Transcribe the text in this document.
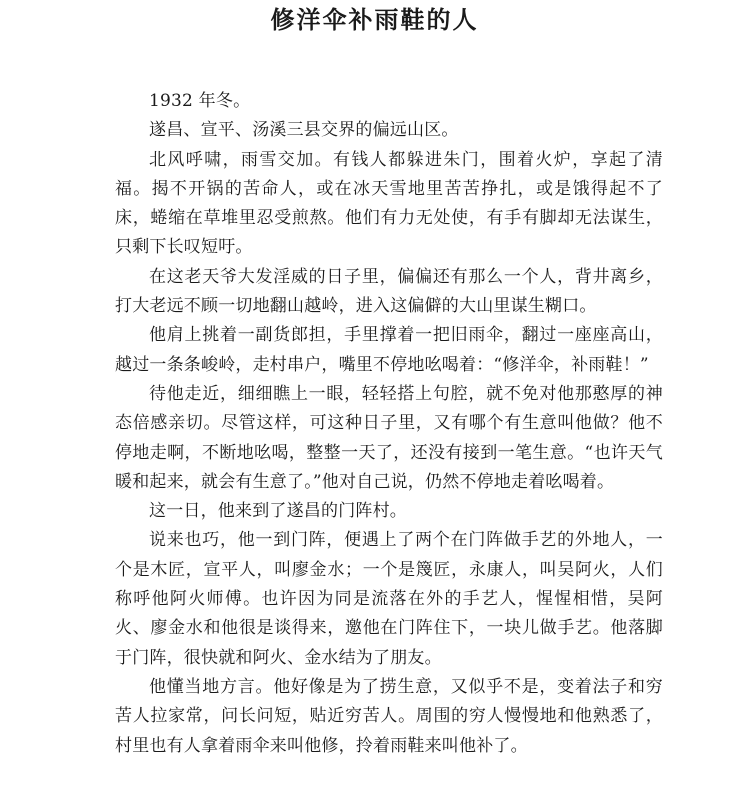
修洋伞补雨鞋的人

1932 年冬。

遂昌、宣平、汤溪三县交界的偏远山区。

北风呼啸，雨雪交加。有钱人都躲进朱门，围着火炉，享起了清福。揭不开锅的苦命人，或在冰天雪地里苦苦挣扎，或是饿得起不了床，蜷缩在草堆里忍受煎熬。他们有力无处使，有手有脚却无法谋生，只剩下长叹短吁。

在这老天爷大发淫威的日子里，偏偏还有那么一个人，背井离乡，打大老远不顾一切地翻山越岭，进入这偏僻的大山里谋生糊口。

他肩上挑着一副货郎担，手里撑着一把旧雨伞，翻过一座座高山，越过一条条峻岭，走村串户，嘴里不停地吆喝着：“修洋伞，补雨鞋！”

待他走近，细细瞧上一眼，轻轻搭上句腔，就不免对他那憨厚的神态倍感亲切。尽管这样，可这种日子里，又有哪个有生意叫他做？他不停地走啊，不断地吆喝，整整一天了，还没有接到一笔生意。“也许天气暖和起来，就会有生意了。”他对自己说，仍然不停地走着吆喝着。

这一日，他来到了遂昌的门阵村。

说来也巧，他一到门阵，便遇上了两个在门阵做手艺的外地人，一个是木匠，宣平人，叫廖金水；一个是篾匠，永康人，叫吴阿火，人们称呼他阿火师傅。也许因为同是流落在外的手艺人，惺惺相惜，吴阿火、廖金水和他很是谈得来，邀他在门阵住下，一块儿做手艺。他落脚于门阵，很快就和阿火、金水结为了朋友。

他懂当地方言。他好像是为了捞生意，又似乎不是，变着法子和穷苦人拉家常，问长问短，贴近穷苦人。周围的穷人慢慢地和他熟悉了，村里也有人拿着雨伞来叫他修，拎着雨鞋来叫他补了。
